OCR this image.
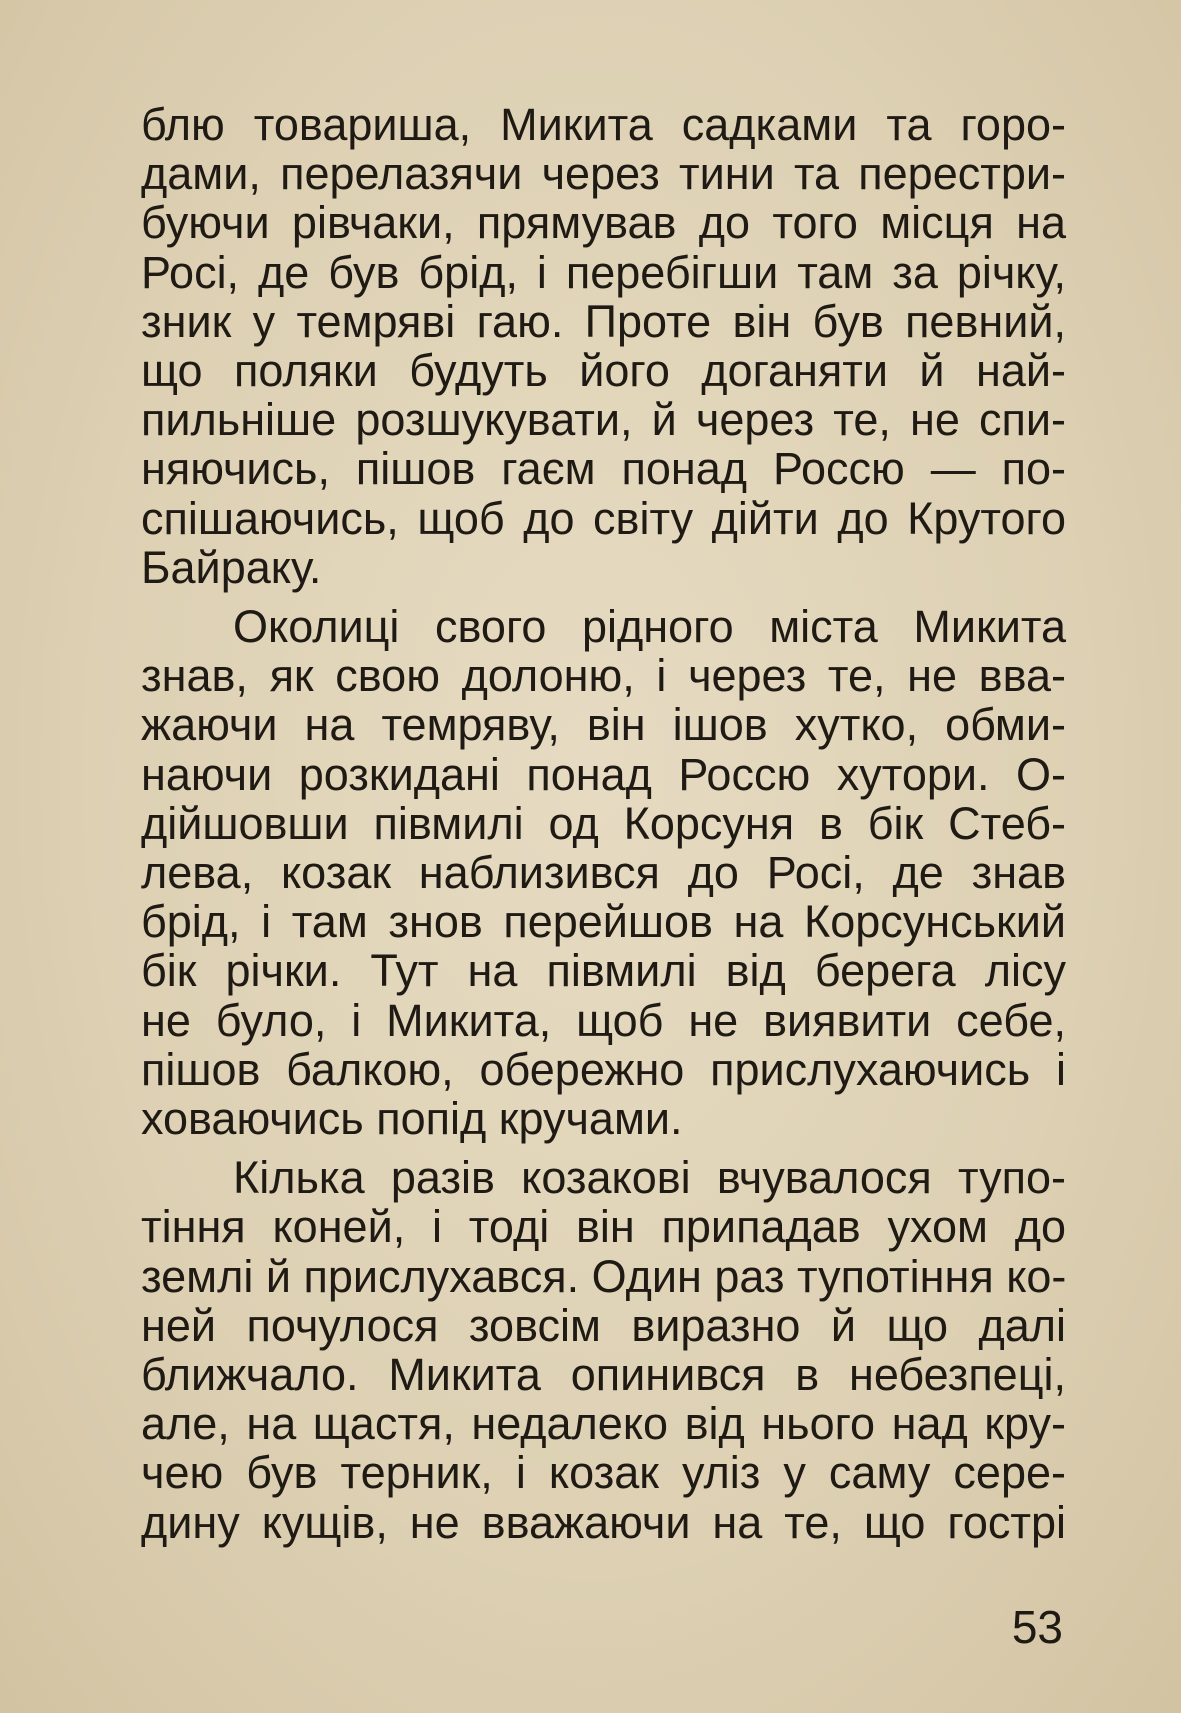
блю товариша, Микита садками та горо-
дами, перелазячи через тини та перестри-
буючи рівчаки, прямував до того місця на
Росі, де був брід, і перебігши там за річку,
зник у темряві гаю. Проте він був певний,
що поляки будуть його доганяти й най-
пильніше розшукувати, й через те, не спи-
няючись, пішов гаєм понад Россю — по-
спішаючись, щоб до світу дійти до Крутого
Байраку.

Околиці свого рідного міста Микита
знав, як свою долоню, і через те, не вва-
жаючи на темряву, він ішов хутко, обми-
наючи розкидані понад Россю хутори. О-
дійшовши півмилі од Корсуня в бік Стеб-
лева, козак наблизився до Росі, де знав
брід, і там знов перейшов на Корсунський
бік річки. Тут на півмилі від берега лісу
не було, і Микита, щоб не виявити себе,
пішов балкою, обережно прислухаючись і
ховаючись попід кручами.

Кілька разів козакові вчувалося тупо-
тіння коней, і тоді він припадав ухом до
землі й прислухався. Один раз тупотіння ко-
ней почулося зовсім виразно й що далі
ближчало. Микита опинився в небезпеці,
але, на щастя, недалеко від нього над кру-
чею був терник, і козак уліз у саму сере-
дину кущів, не вважаючи на те, що гострі

53
